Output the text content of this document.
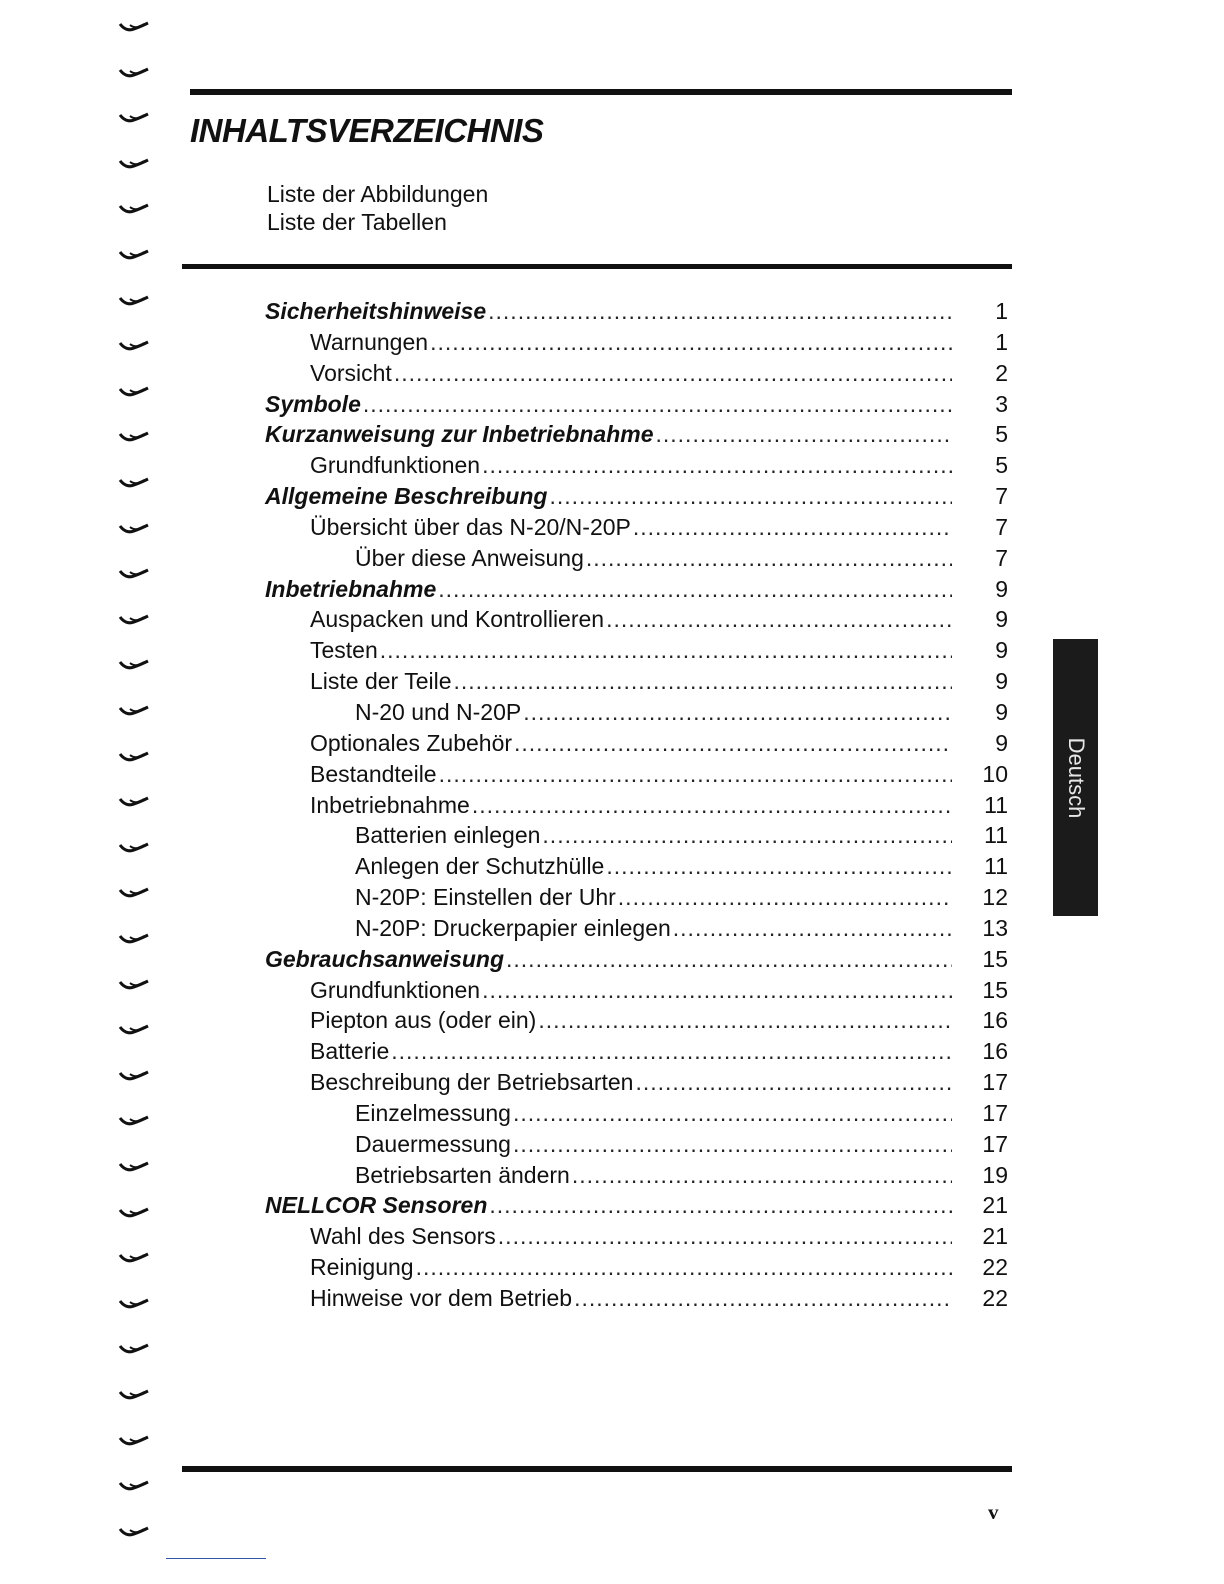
INHALTSVERZEICHNIS
Liste der Abbildungen
Liste der Tabellen
Sicherheitshinweise .....	1
Warnungen .....	1
Vorsicht .....	2
Symbole .....	3
Kurzanweisung zur Inbetriebnahme .....	5
Grundfunktionen .....	5
Allgemeine Beschreibung .....	7
Übersicht über das N-20/N-20P .....	7
Über diese Anweisung .....	7
Inbetriebnahme .....	9
Auspacken und Kontrollieren .....	9
Testen .....	9
Liste der Teile .....	9
N-20 und N-20P .....	9
Optionales Zubehör .....	9
Bestandteile .....	10
Inbetriebnahme .....	11
Batterien einlegen .....	11
Anlegen der Schutzhülle .....	11
N-20P: Einstellen der Uhr .....	12
N-20P: Druckerpapier einlegen .....	13
Gebrauchsanweisung .....	15
Grundfunktionen .....	15
Piepton aus (oder ein) .....	16
Batterie .....	16
Beschreibung der Betriebsarten .....	17
Einzelmessung .....	17
Dauermessung .....	17
Betriebsarten ändern .....	19
NELLCOR Sensoren .....	21
Wahl des Sensors .....	21
Reinigung .....	22
Hinweise vor dem Betrieb .....	22
Deutsch
v
